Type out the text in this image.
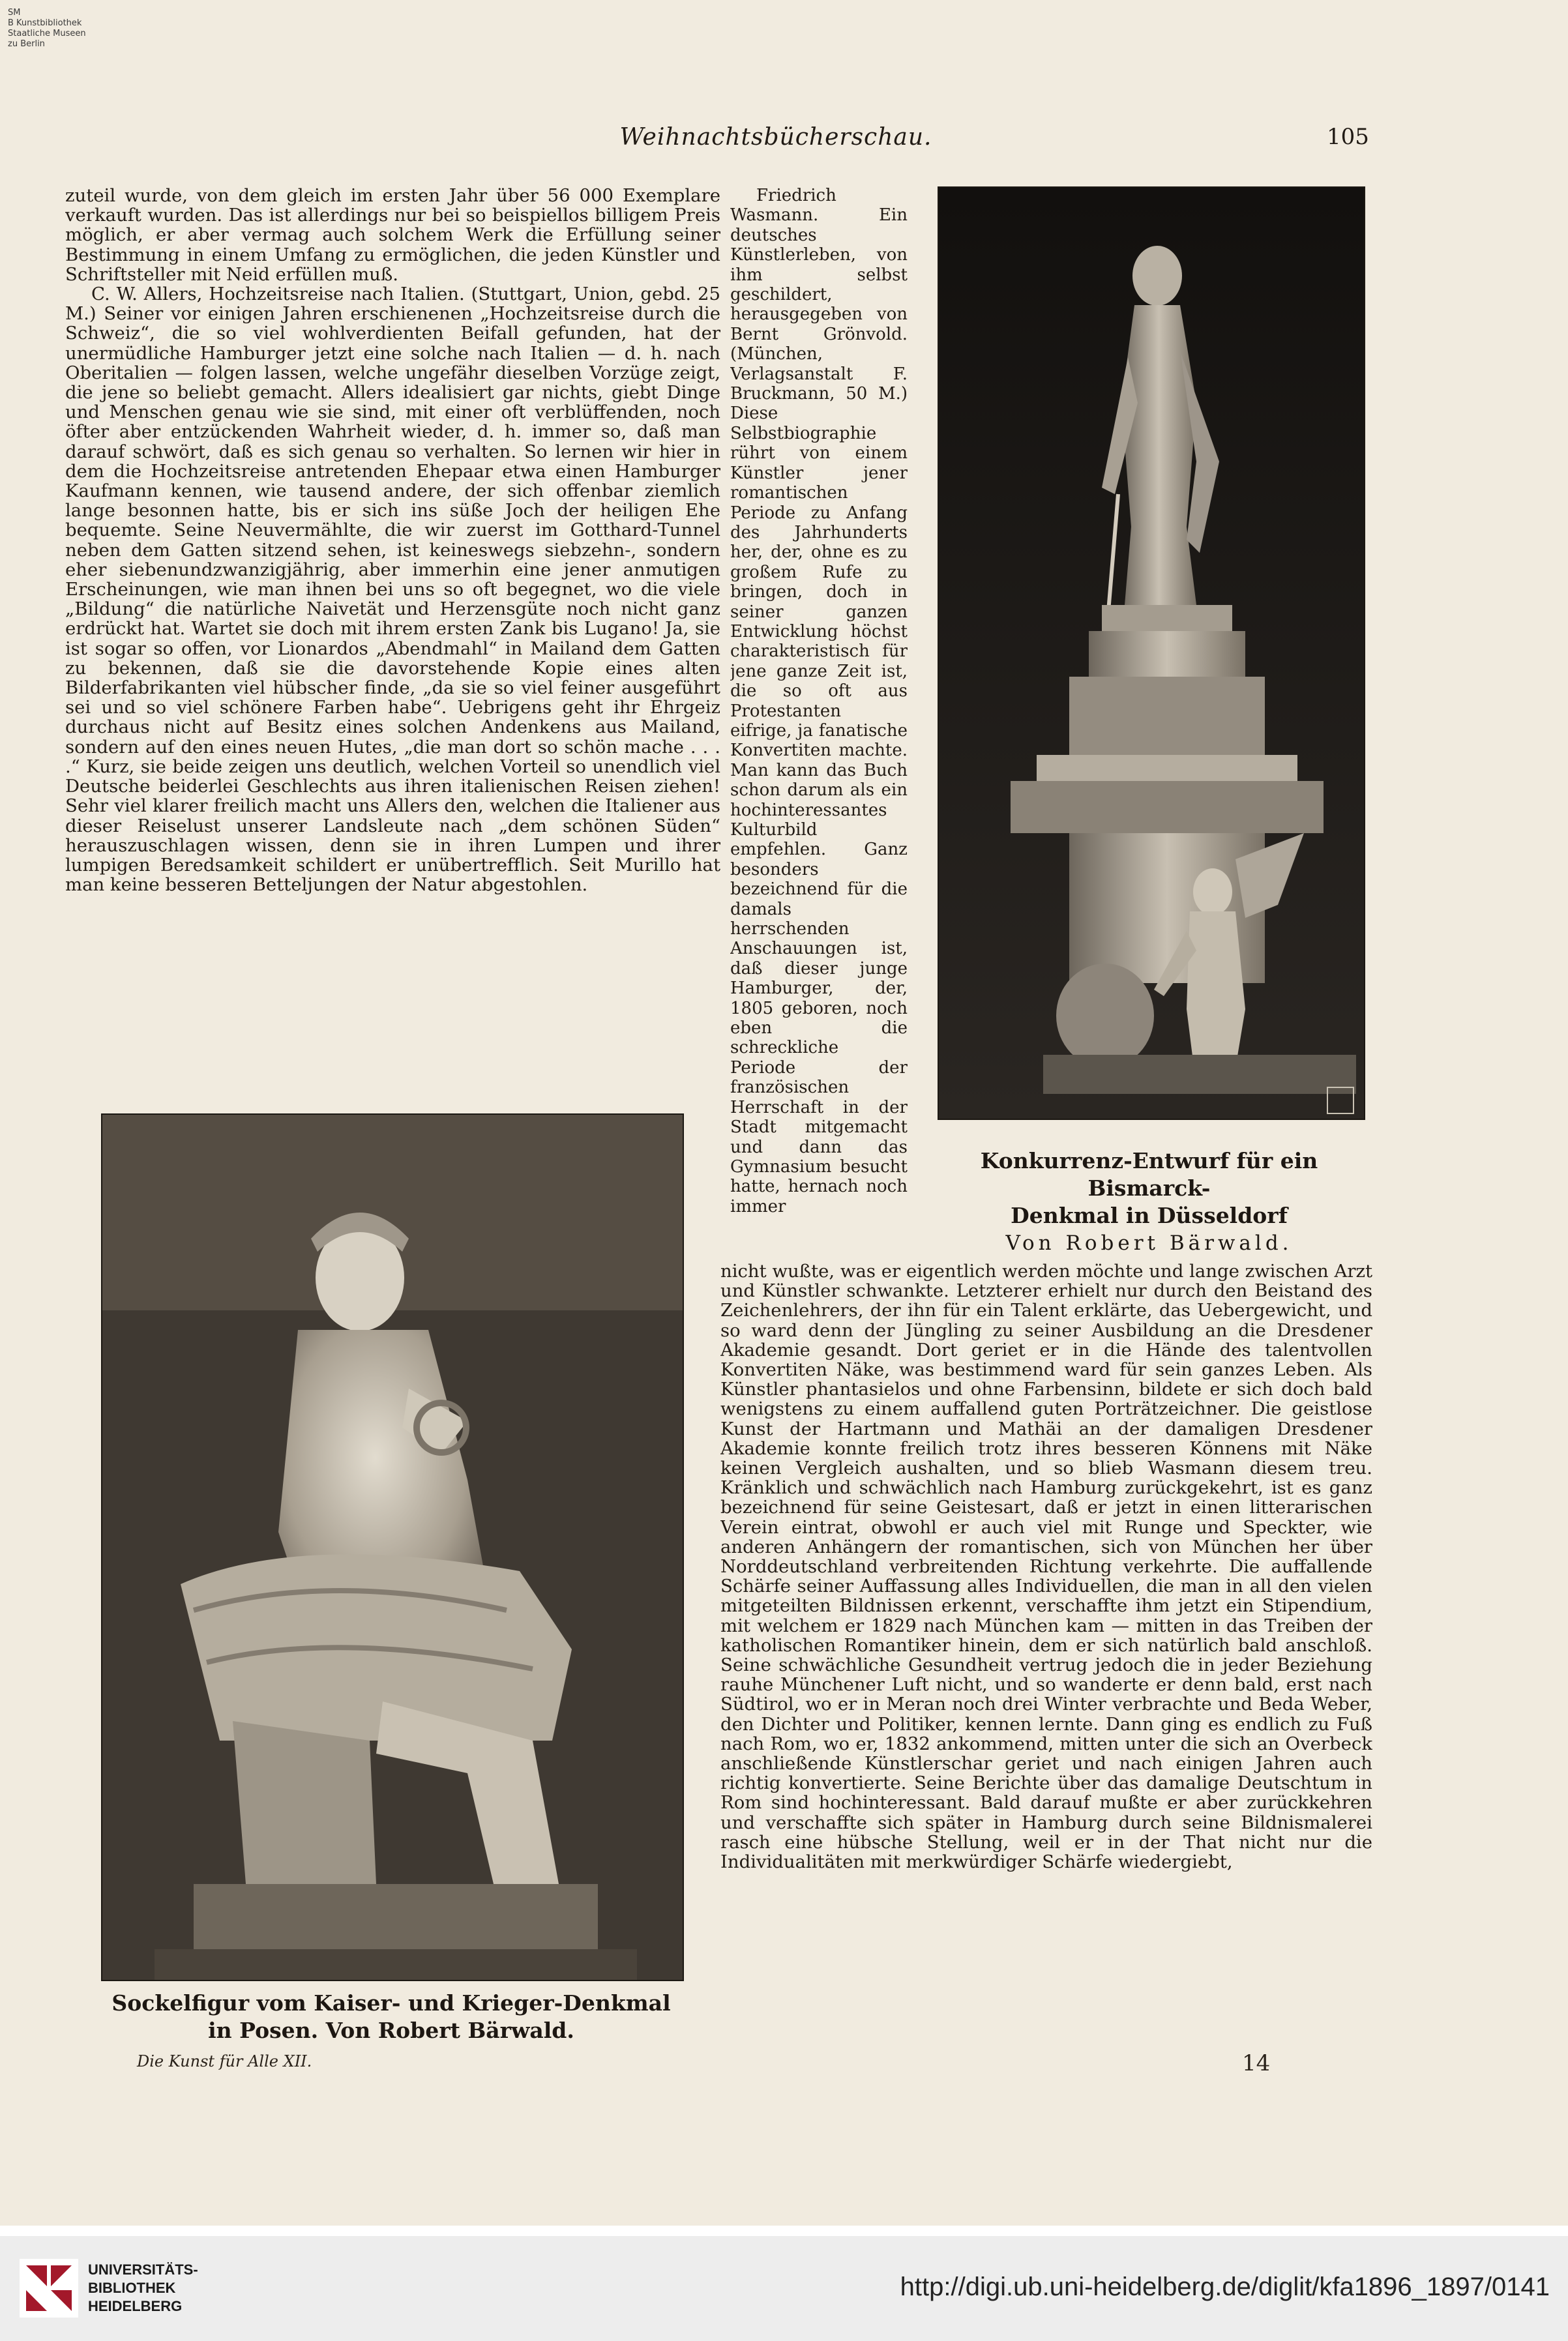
SM
B Kunstbibliothek
Staatliche Museen
zu Berlin
Weihnachtsbücherschau.	105

zuteil wurde, von dem gleich im ersten Jahr über 56 000 Exemplare verkauft wurden. Das ist allerdings nur bei so beispiellos billigem Preis möglich, er aber vermag auch solchem Werk die Erfüllung seiner Bestimmung in einem Umfang zu ermöglichen, die jeden Künstler und Schriftsteller mit Neid erfüllen muß.

C. W. Allers, Hochzeitsreise nach Italien. (Stuttgart, Union, gebd. 25 M.) Seiner vor einigen Jahren erschienenen „Hochzeitsreise durch die Schweiz“, die so viel wohlverdienten Beifall gefunden, hat der unermüdliche Hamburger jetzt eine solche nach Italien — d. h. nach Oberitalien — folgen lassen, welche ungefähr dieselben Vorzüge zeigt, die jene so beliebt gemacht. Allers idealisiert gar nichts, giebt Dinge und Menschen genau wie sie sind, mit einer oft verblüffenden, noch öfter aber entzückenden Wahrheit wieder, d. h. immer so, daß man darauf schwört, daß es sich genau so verhalten. So lernen wir hier in dem die Hochzeitsreise antretenden Ehepaar etwa einen Hamburger Kaufmann kennen, wie tausend andere, der sich offenbar ziemlich lange besonnen hatte, bis er sich ins süße Joch der heiligen Ehe bequemte. Seine Neuvermählte, die wir zuerst im Gotthard-Tunnel neben dem Gatten sitzend sehen, ist keineswegs siebzehn-, sondern eher siebenundzwanzigjährig, aber immerhin eine jener anmutigen Erscheinungen, wie man ihnen bei uns so oft begegnet, wo die viele „Bildung“ die natürliche Naivetät und Herzensgüte noch nicht ganz erdrückt hat. Wartet sie doch mit ihrem ersten Zank bis Lugano! Ja, sie ist sogar so offen, vor Lionardos „Abendmahl“ in Mailand dem Gatten zu bekennen, daß sie die davorstehende Kopie eines alten Bilderfabrikanten viel hübscher finde, „da sie so viel feiner ausgeführt sei und so viel schönere Farben habe“. Uebrigens geht ihr Ehrgeiz durchaus nicht auf Besitz eines solchen Andenkens aus Mailand, sondern auf den eines neuen Hutes, „die man dort so schön mache . . . .“ Kurz, sie beide zeigen uns deutlich, welchen Vorteil so unendlich viel Deutsche beiderlei Geschlechts aus ihren italienischen Reisen ziehen! Sehr viel klarer freilich macht uns Allers den, welchen die Italiener aus dieser Reiselust unserer Landsleute nach „dem schönen Süden“ herauszuschlagen wissen, denn sie in ihren Lumpen und ihrer lumpigen Beredsamkeit schildert er unübertrefflich. Seit Murillo hat man keine besseren Betteljungen der Natur abgestohlen.

Friedrich Wasmann. Ein deutsches Künstlerleben, von ihm selbst geschildert, herausgegeben von Bernt Grönvold. (München, Verlagsanstalt F. Bruckmann, 50 M.) Diese Selbstbiographie rührt von einem Künstler jener romantischen Periode zu Anfang des Jahrhunderts her, der, ohne es zu großem Rufe zu bringen, doch in seiner ganzen Entwicklung höchst charakteristisch für jene ganze Zeit ist, die so oft aus Protestanten eifrige, ja fanatische Konvertiten machte. Man kann das Buch schon darum als ein hochinteressantes Kulturbild empfehlen. Ganz besonders bezeichnend für die damals herrschenden Anschauungen ist, daß dieser junge Hamburger, der, 1805 geboren, noch eben die schreckliche Periode der französischen Herrschaft in der Stadt mitgemacht und dann das Gymnasium besucht hatte, hernach noch immer

Konkurrenz-Entwurf für ein Bismarck-
Denkmal in Düsseldorf
Von Robert Bärwald.
Sockelfigur vom Kaiser- und Krieger-Denkmal
in Posen. Von Robert Bärwald.

nicht wußte, was er eigentlich werden möchte und lange zwischen Arzt und Künstler schwankte. Letzterer erhielt nur durch den Beistand des Zeichenlehrers, der ihn für ein Talent erklärte, das Uebergewicht, und so ward denn der Jüngling zu seiner Ausbildung an die Dresdener Akademie gesandt. Dort geriet er in die Hände des talentvollen Konvertiten Näke, was bestimmend ward für sein ganzes Leben. Als Künstler phantasielos und ohne Farbensinn, bildete er sich doch bald wenigstens zu einem auffallend guten Porträtzeichner. Die geistlose Kunst der Hartmann und Mathäi an der damaligen Dresdener Akademie konnte freilich trotz ihres besseren Könnens mit Näke keinen Vergleich aushalten, und so blieb Wasmann diesem treu. Kränklich und schwächlich nach Hamburg zurückgekehrt, ist es ganz bezeichnend für seine Geistesart, daß er jetzt in einen litterarischen Verein eintrat, obwohl er auch viel mit Runge und Speckter, wie anderen Anhängern der romantischen, sich von München her über Norddeutschland verbreitenden Richtung verkehrte. Die auffallende Schärfe seiner Auffassung alles Individuellen, die man in all den vielen mitgeteilten Bildnissen erkennt, verschaffte ihm jetzt ein Stipendium, mit welchem er 1829 nach München kam — mitten in das Treiben der katholischen Romantiker hinein, dem er sich natürlich bald anschloß. Seine schwächliche Gesundheit vertrug jedoch die in jeder Beziehung rauhe Münchener Luft nicht, und so wanderte er denn bald, erst nach Südtirol, wo er in Meran noch drei Winter verbrachte und Beda Weber, den Dichter und Politiker, kennen lernte. Dann ging es endlich zu Fuß nach Rom, wo er, 1832 ankommend, mitten unter die sich an Overbeck anschließende Künstlerschar geriet und nach einigen Jahren auch richtig konvertierte. Seine Berichte über das damalige Deutschtum in Rom sind hochinteressant. Bald darauf mußte er aber zurückkehren und verschaffte sich später in Hamburg durch seine Bildnismalerei rasch eine hübsche Stellung, weil er in der That nicht nur die Individualitäten mit merkwürdiger Schärfe wiedergiebt,

Die Kunst für Alle XII.	14
UNIVERSITÄTS-
BIBLIOTHEK
HEIDELBERG
http://digi.ub.uni-heidelberg.de/diglit/kfa1896_1897/0141
